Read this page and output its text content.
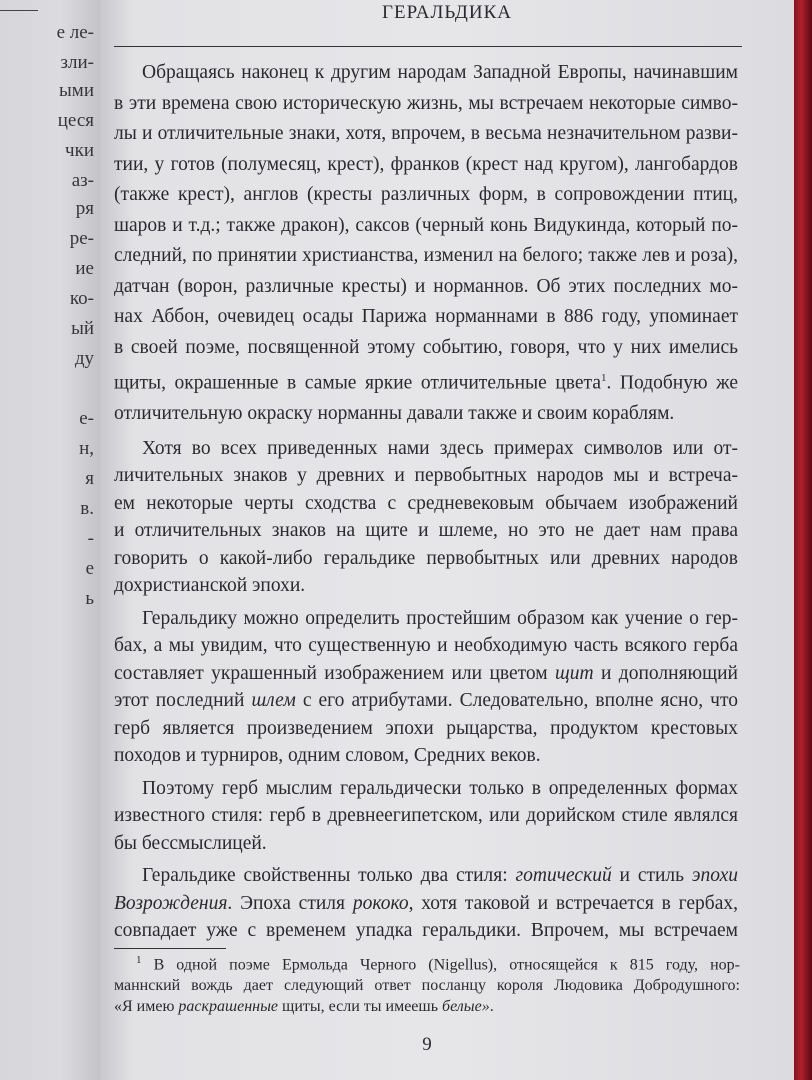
е ле-
зли-
ыми
цеся
чки
аз-
ря
ре-
ие
ко-
ый
ду
е-
н,
я
в.
-
е
ь
ГЕРАЛЬДИКА
Обращаясь наконец к другим народам Западной Европы, начинавшим
в эти времена свою историческую жизнь, мы встречаем некоторые симво-
лы и отличительные знаки, хотя, впрочем, в весьма незначительном разви-
тии, у готов (полумесяц, крест), франков (крест над кругом), лангобардов
(также крест), англов (кресты различных форм, в сопровождении птиц,
шаров и т.д.; также дракон), саксов (черный конь Видукинда, который по-
следний, по принятии христианства, изменил на белого; также лев и роза),
датчан (ворон, различные кресты) и норманнов. Об этих последних мо-
нах Аббон, очевидец осады Парижа норманнами в 886 году, упоминает
в своей поэме, посвященной этому событию, говоря, что у них имелись
щиты, окрашенные в самые яркие отличительные цвета$^1$. Подобную же
отличительную окраску норманны давали также и своим кораблям.
Хотя во всех приведенных нами здесь примерах символов или от-
личительных знаков у древних и первобытных народов мы и встреча-
ем некоторые черты сходства с средневековым обычаем изображений
и отличительных знаков на щите и шлеме, но это не дает нам права
говорить о какой-либо геральдике первобытных или древних народов
дохристианской эпохи.
Геральдику можно определить простейшим образом как учение о гер-
бах, а мы увидим, что существенную и необходимую часть всякого герба
составляет украшенный изображением или цветом щит и дополняющий
этот последний шлем с его атрибутами. Следовательно, вполне ясно, что
герб является произведением эпохи рыцарства, продуктом крестовых
походов и турниров, одним словом, Средних веков.
Поэтому герб мыслим геральдически только в определенных формах
известного стиля: герб в древнеегипетском, или дорийском стиле являлся
бы бессмыслицей.
Геральдике свойственны только два стиля: готический и стиль эпохи
Возрождения. Эпоха стиля рококо, хотя таковой и встречается в гербах,
совпадает уже с временем упадка геральдики. Впрочем, мы встречаем
$^1$ В одной поэме Ермольда Черного (Nigellus), относящейся к 815 году, нор-
маннский вождь дает следующий ответ посланцу короля Людовика Добродушного:
«Я имею раскрашенные щиты, если ты имеешь белые».
9
